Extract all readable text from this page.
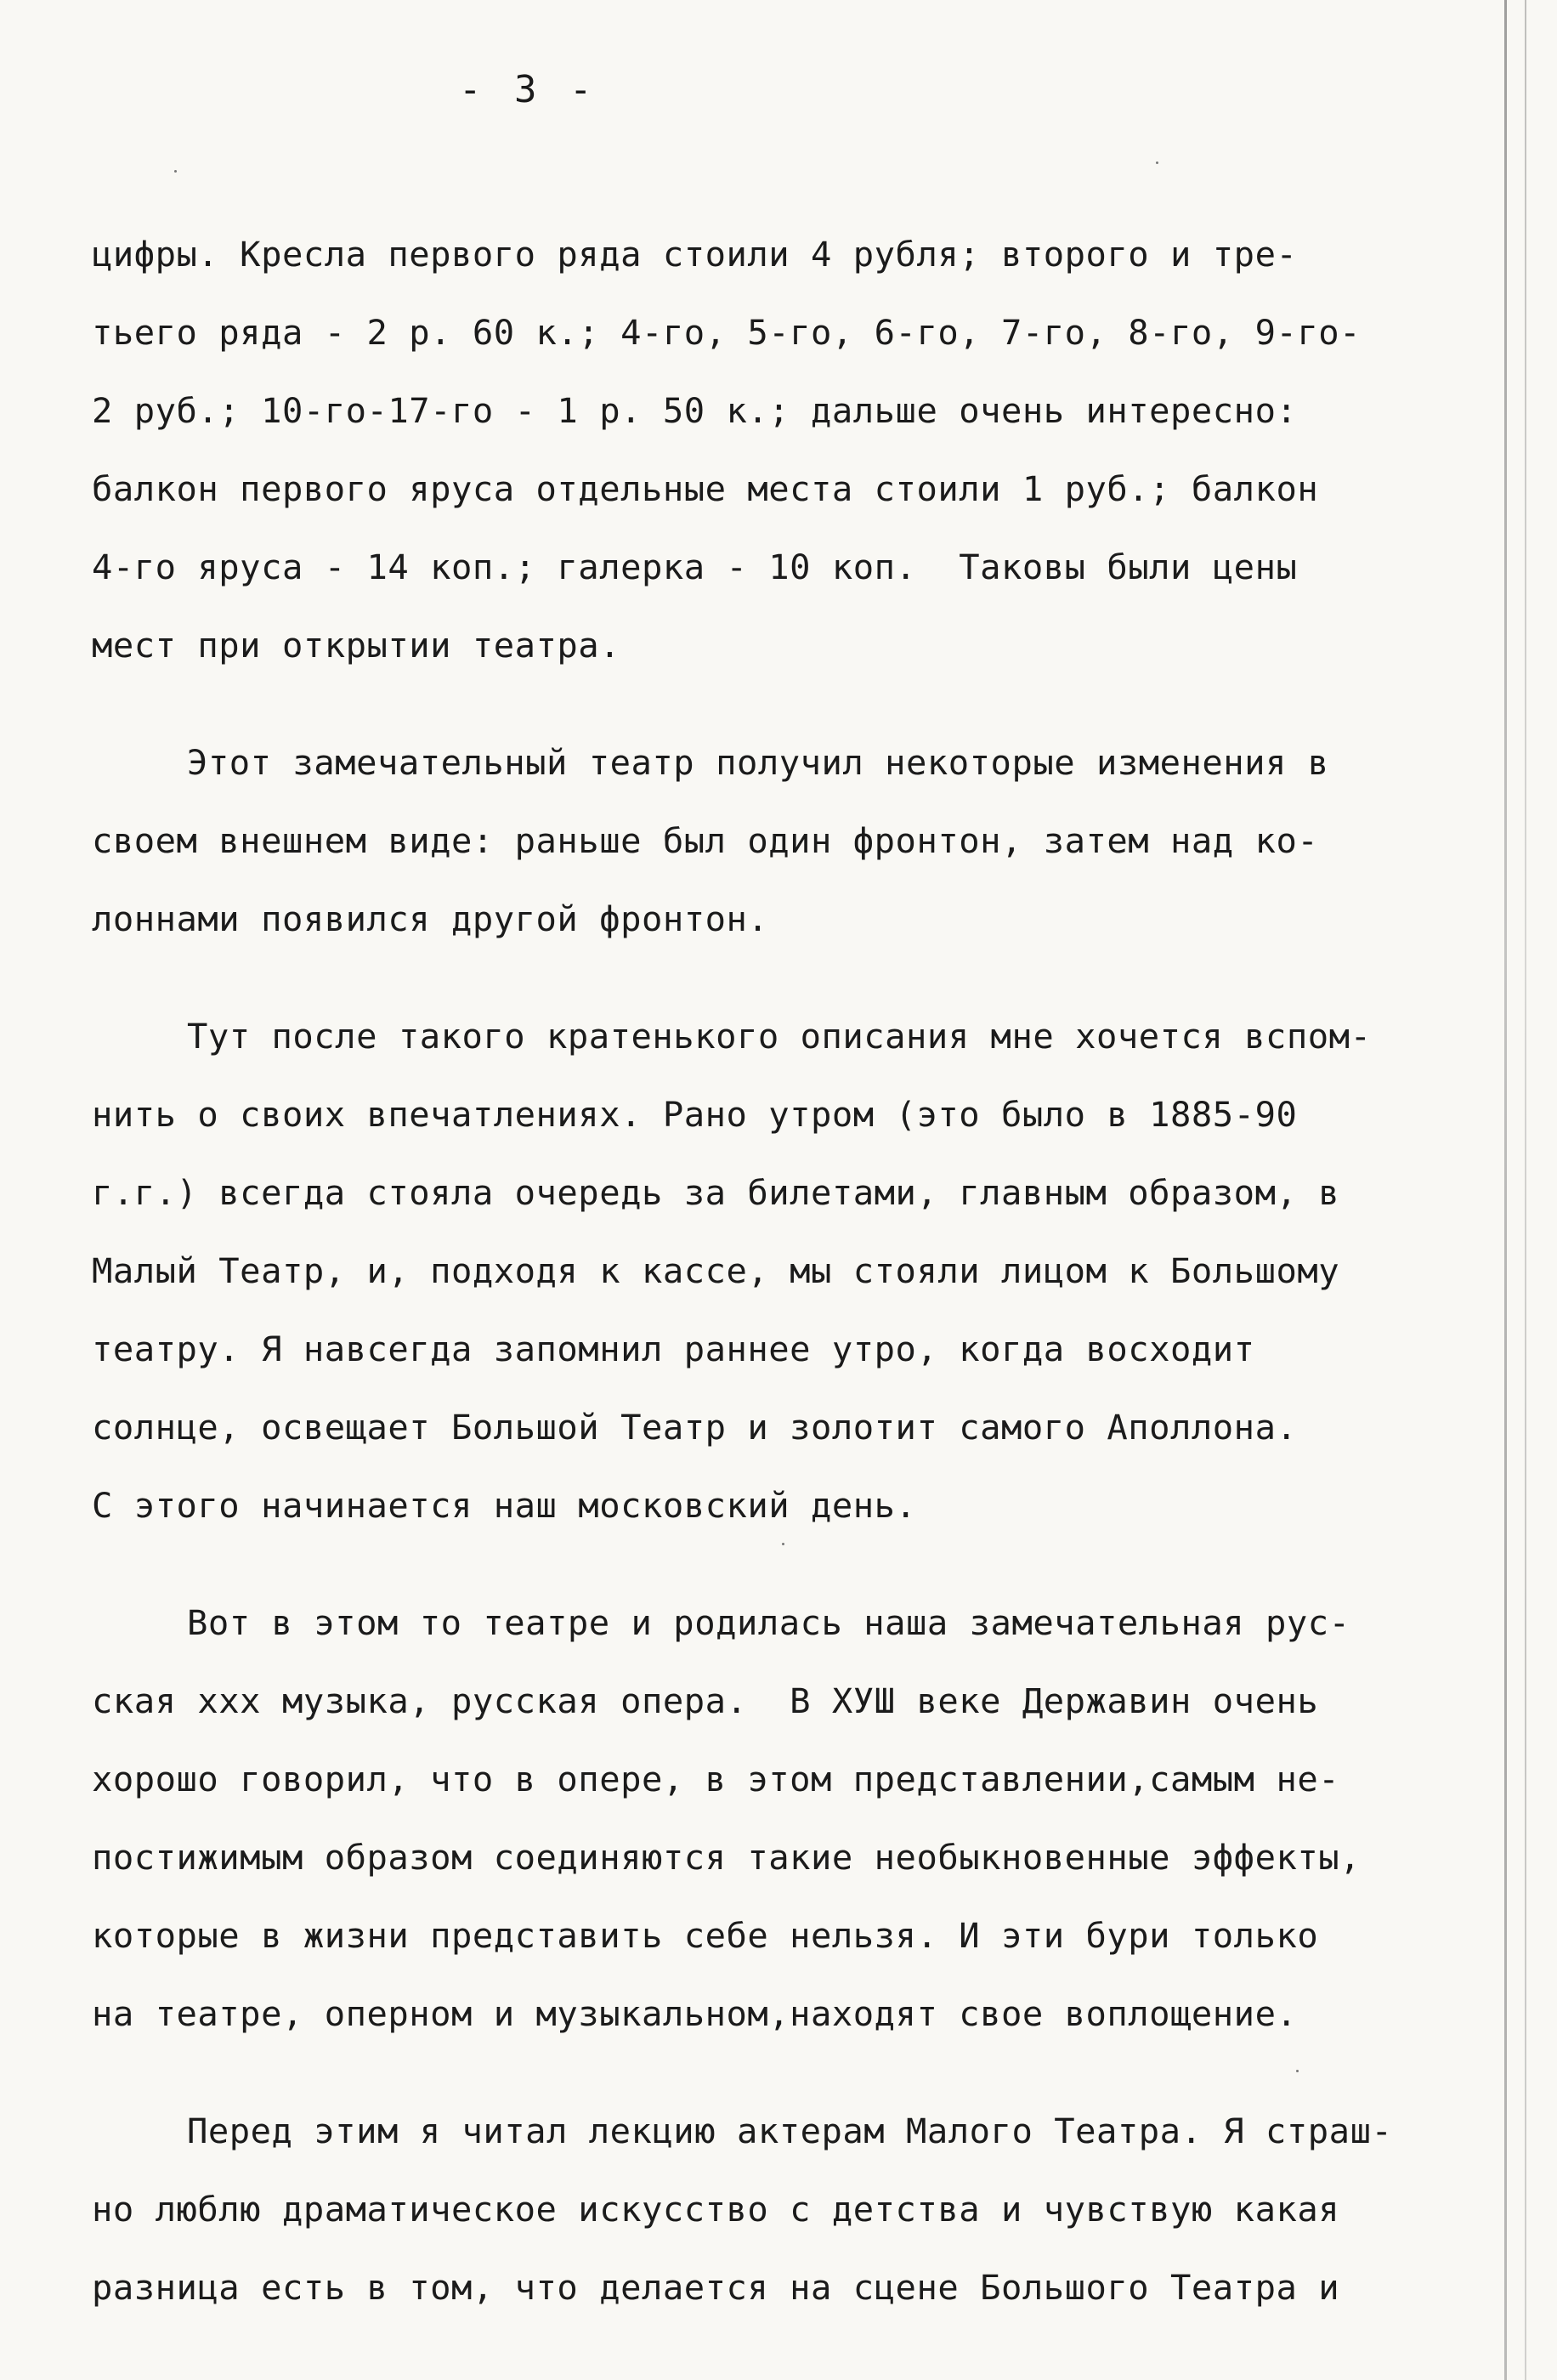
- 3 -
цифры. Кресла первого ряда стоили 4 рубля; второго и тре-
тьего ряда - 2 р. 60 к.; 4-го, 5-го, 6-го, 7-го, 8-го, 9-го-
2 руб.; 10-го-17-го - 1 р. 50 к.; дальше очень интересно:
балкон первого яруса отдельные места стоили 1 руб.; балкон
4-го яруса - 14 коп.; галерка - 10 коп.  Таковы были цены
мест при открытии театра.
Этот замечательный театр получил некоторые изменения в
своем внешнем виде: раньше был один фронтон, затем над ко-
лоннами появился другой фронтон.
Тут после такого кратенького описания мне хочется вспом-
нить о своих впечатлениях. Рано утром (это было в 1885-90
г.г.) всегда стояла очередь за билетами, главным образом, в
Малый Театр, и, подходя к кассе, мы стояли лицом к Большому
театру. Я навсегда запомнил раннее утро, когда восходит
солнце, освещает Большой Театр и золотит самого Аполлона.
С этого начинается наш московский день.
Вот в этом то театре и родилась наша замечательная рус-
ская ххх музыка, русская опера.  В ХУШ веке Державин очень
хорошо говорил, что в опере, в этом представлении,самым не-
постижимым образом соединяются такие необыкновенные эффекты,
которые в жизни представить себе нельзя. И эти бури только
на театре, оперном и музыкальном,находят свое воплощение.
Перед этим я читал лекцию актерам Малого Театра. Я страш-
но люблю драматическое искусство с детства и чувствую какая
разница есть в том, что делается на сцене Большого Театра и
